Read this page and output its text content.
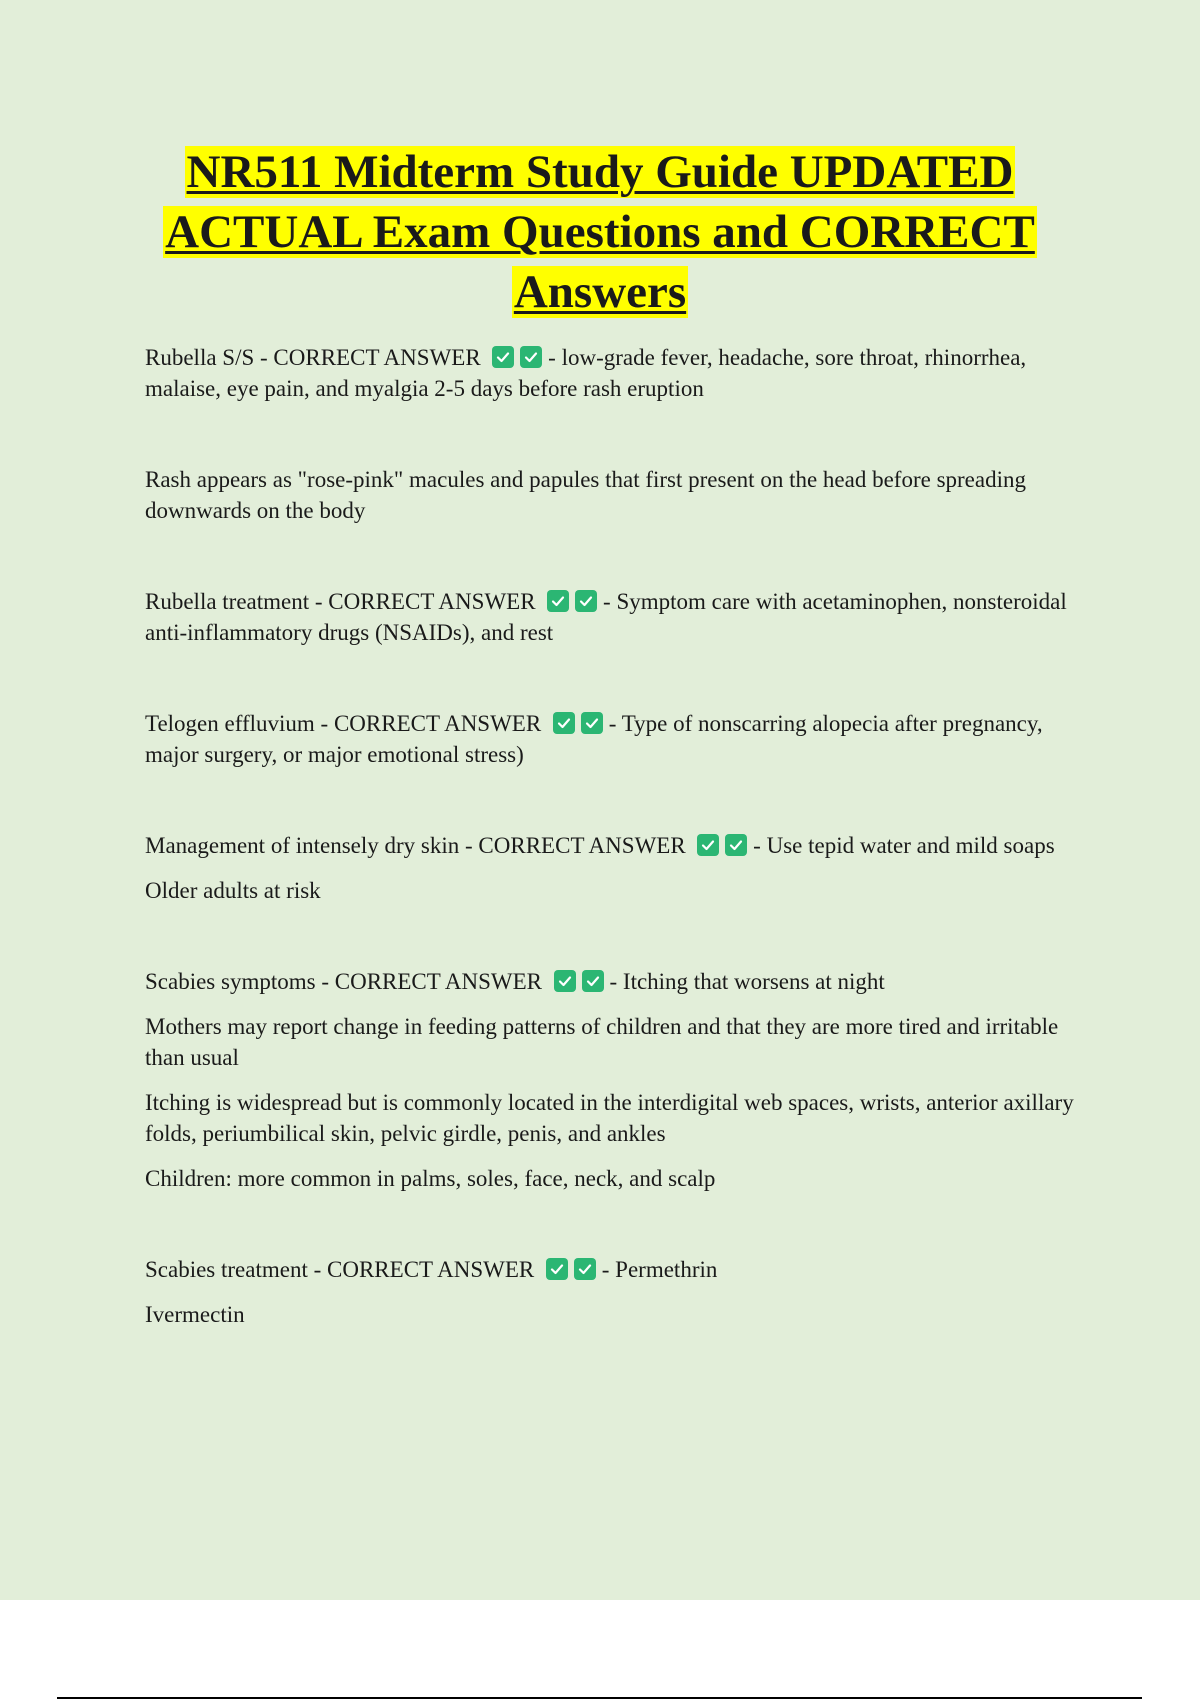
NR511 Midterm Study Guide UPDATED ACTUAL Exam Questions and CORRECT Answers

Rubella S/S - CORRECT ANSWER
- low-grade fever, headache, sore throat, rhinorrhea, malaise, eye pain, and myalgia 2-5 days before rash eruption

Rash appears as "rose-pink" macules and papules that first present on the head before spreading downwards on the body

Rubella treatment - CORRECT ANSWER
- Symptom care with acetaminophen, nonsteroidal anti-inflammatory drugs (NSAIDs), and rest

Telogen effluvium - CORRECT ANSWER
- Type of nonscarring alopecia after pregnancy, major surgery, or major emotional stress)

Management of intensely dry skin - CORRECT ANSWER
- Use tepid water and mild soaps

Older adults at risk

Scabies symptoms - CORRECT ANSWER
- Itching that worsens at night

Mothers may report change in feeding patterns of children and that they are more tired and irritable than usual

Itching is widespread but is commonly located in the interdigital web spaces, wrists, anterior axillary folds, periumbilical skin, pelvic girdle, penis, and ankles

Children: more common in palms, soles, face, neck, and scalp

Scabies treatment - CORRECT ANSWER
- Permethrin

Ivermectin
